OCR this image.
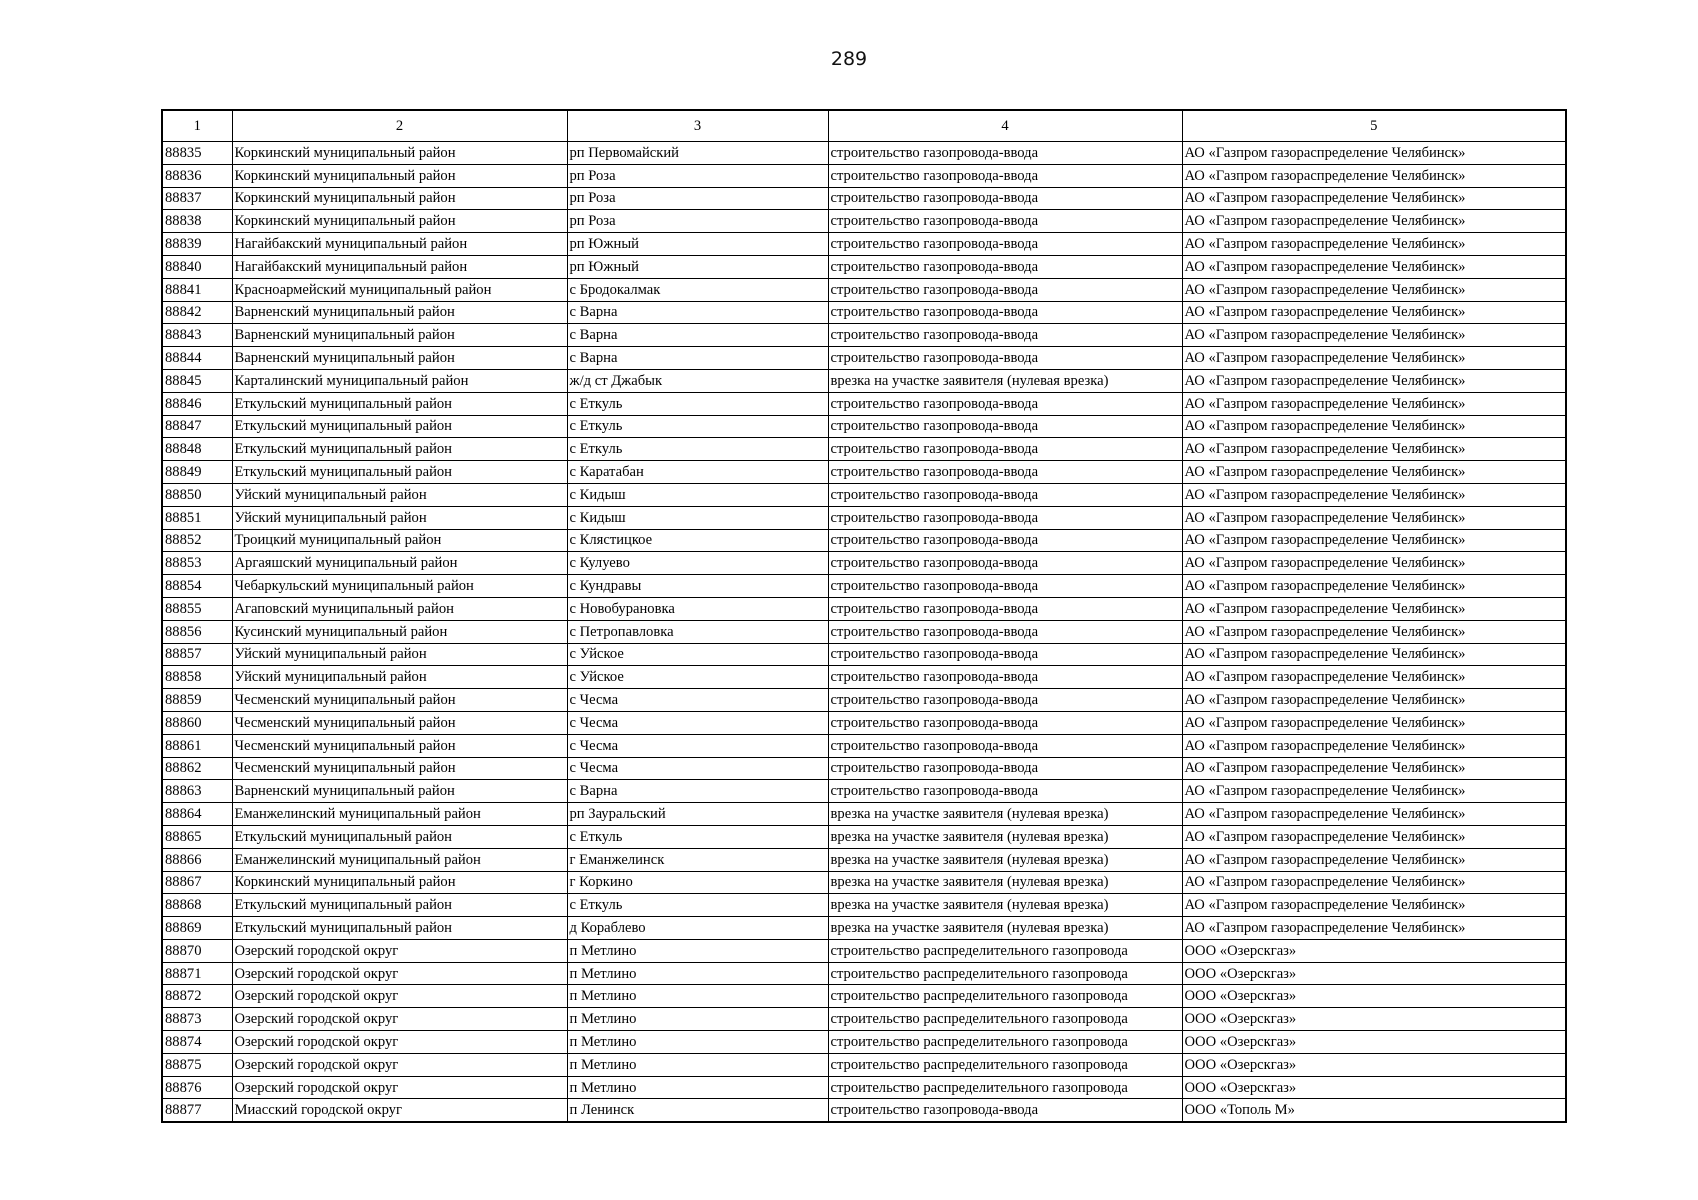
289
1	2	3	4	5
88835	Коркинский муниципальный район	рп Первомайский	строительство газопровода-ввода	АО «Газпром газораспределение Челябинск»
88836	Коркинский муниципальный район	рп Роза	строительство газопровода-ввода	АО «Газпром газораспределение Челябинск»
88837	Коркинский муниципальный район	рп Роза	строительство газопровода-ввода	АО «Газпром газораспределение Челябинск»
88838	Коркинский муниципальный район	рп Роза	строительство газопровода-ввода	АО «Газпром газораспределение Челябинск»
88839	Нагайбакский муниципальный район	рп Южный	строительство газопровода-ввода	АО «Газпром газораспределение Челябинск»
88840	Нагайбакский муниципальный район	рп Южный	строительство газопровода-ввода	АО «Газпром газораспределение Челябинск»
88841	Красноармейский муниципальный район	с Бродокалмак	строительство газопровода-ввода	АО «Газпром газораспределение Челябинск»
88842	Варненский муниципальный район	с Варна	строительство газопровода-ввода	АО «Газпром газораспределение Челябинск»
88843	Варненский муниципальный район	с Варна	строительство газопровода-ввода	АО «Газпром газораспределение Челябинск»
88844	Варненский муниципальный район	с Варна	строительство газопровода-ввода	АО «Газпром газораспределение Челябинск»
88845	Карталинский муниципальный район	ж/д ст Джабык	врезка на участке заявителя (нулевая врезка)	АО «Газпром газораспределение Челябинск»
88846	Еткульский муниципальный район	с Еткуль	строительство газопровода-ввода	АО «Газпром газораспределение Челябинск»
88847	Еткульский муниципальный район	с Еткуль	строительство газопровода-ввода	АО «Газпром газораспределение Челябинск»
88848	Еткульский муниципальный район	с Еткуль	строительство газопровода-ввода	АО «Газпром газораспределение Челябинск»
88849	Еткульский муниципальный район	с Каратабан	строительство газопровода-ввода	АО «Газпром газораспределение Челябинск»
88850	Уйский муниципальный район	с Кидыш	строительство газопровода-ввода	АО «Газпром газораспределение Челябинск»
88851	Уйский муниципальный район	с Кидыш	строительство газопровода-ввода	АО «Газпром газораспределение Челябинск»
88852	Троицкий муниципальный район	с Клястицкое	строительство газопровода-ввода	АО «Газпром газораспределение Челябинск»
88853	Аргаяшский муниципальный район	с Кулуево	строительство газопровода-ввода	АО «Газпром газораспределение Челябинск»
88854	Чебаркульский муниципальный район	с Кундравы	строительство газопровода-ввода	АО «Газпром газораспределение Челябинск»
88855	Агаповский муниципальный район	с Новобурановка	строительство газопровода-ввода	АО «Газпром газораспределение Челябинск»
88856	Кусинский муниципальный район	с Петропавловка	строительство газопровода-ввода	АО «Газпром газораспределение Челябинск»
88857	Уйский муниципальный район	с Уйское	строительство газопровода-ввода	АО «Газпром газораспределение Челябинск»
88858	Уйский муниципальный район	с Уйское	строительство газопровода-ввода	АО «Газпром газораспределение Челябинск»
88859	Чесменский муниципальный район	с Чесма	строительство газопровода-ввода	АО «Газпром газораспределение Челябинск»
88860	Чесменский муниципальный район	с Чесма	строительство газопровода-ввода	АО «Газпром газораспределение Челябинск»
88861	Чесменский муниципальный район	с Чесма	строительство газопровода-ввода	АО «Газпром газораспределение Челябинск»
88862	Чесменский муниципальный район	с Чесма	строительство газопровода-ввода	АО «Газпром газораспределение Челябинск»
88863	Варненский муниципальный район	с Варна	строительство газопровода-ввода	АО «Газпром газораспределение Челябинск»
88864	Еманжелинский муниципальный район	рп Зауральский	врезка на участке заявителя (нулевая врезка)	АО «Газпром газораспределение Челябинск»
88865	Еткульский муниципальный район	с Еткуль	врезка на участке заявителя (нулевая врезка)	АО «Газпром газораспределение Челябинск»
88866	Еманжелинский муниципальный район	г Еманжелинск	врезка на участке заявителя (нулевая врезка)	АО «Газпром газораспределение Челябинск»
88867	Коркинский муниципальный район	г Коркино	врезка на участке заявителя (нулевая врезка)	АО «Газпром газораспределение Челябинск»
88868	Еткульский муниципальный район	с Еткуль	врезка на участке заявителя (нулевая врезка)	АО «Газпром газораспределение Челябинск»
88869	Еткульский муниципальный район	д Кораблево	врезка на участке заявителя (нулевая врезка)	АО «Газпром газораспределение Челябинск»
88870	Озерский городской округ	п Метлино	строительство распределительного газопровода	ООО «Озерскгаз»
88871	Озерский городской округ	п Метлино	строительство распределительного газопровода	ООО «Озерскгаз»
88872	Озерский городской округ	п Метлино	строительство распределительного газопровода	ООО «Озерскгаз»
88873	Озерский городской округ	п Метлино	строительство распределительного газопровода	ООО «Озерскгаз»
88874	Озерский городской округ	п Метлино	строительство распределительного газопровода	ООО «Озерскгаз»
88875	Озерский городской округ	п Метлино	строительство распределительного газопровода	ООО «Озерскгаз»
88876	Озерский городской округ	п Метлино	строительство распределительного газопровода	ООО «Озерскгаз»
88877	Миасский городской округ	п Ленинск	строительство газопровода-ввода	ООО «Тополь М»
